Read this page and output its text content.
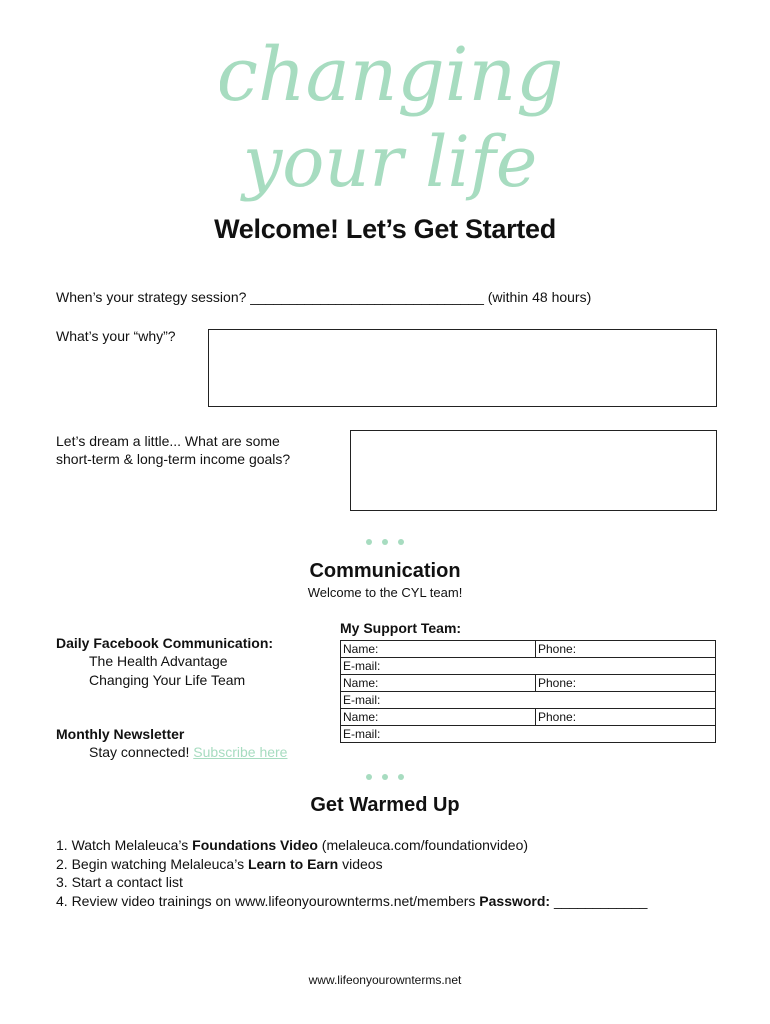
changing
your life
Welcome! Let’s Get Started
When’s your strategy session? ______________________________ (within 48 hours)
What’s your “why”?
Let’s dream a little... What are some
short-term & long-term income goals?
Communication
Welcome to the CYL team!
Daily Facebook Communication:
The Health Advantage
Changing Your Life Team
Monthly Newsletter
Stay connected! Subscribe here
My Support Team:
Name:	Phone:
E-mail:	
Name:	Phone:
E-mail:	
Name:	Phone:
E-mail:	
Get Warmed Up
1. Watch Melaleuca’s Foundations Video (melaleuca.com/foundationvideo)
2. Begin watching Melaleuca’s Learn to Earn videos
3. Start a contact list
4. Review video trainings on www.lifeonyourownterms.net/members Password: ____________
www.lifeonyourownterms.net
